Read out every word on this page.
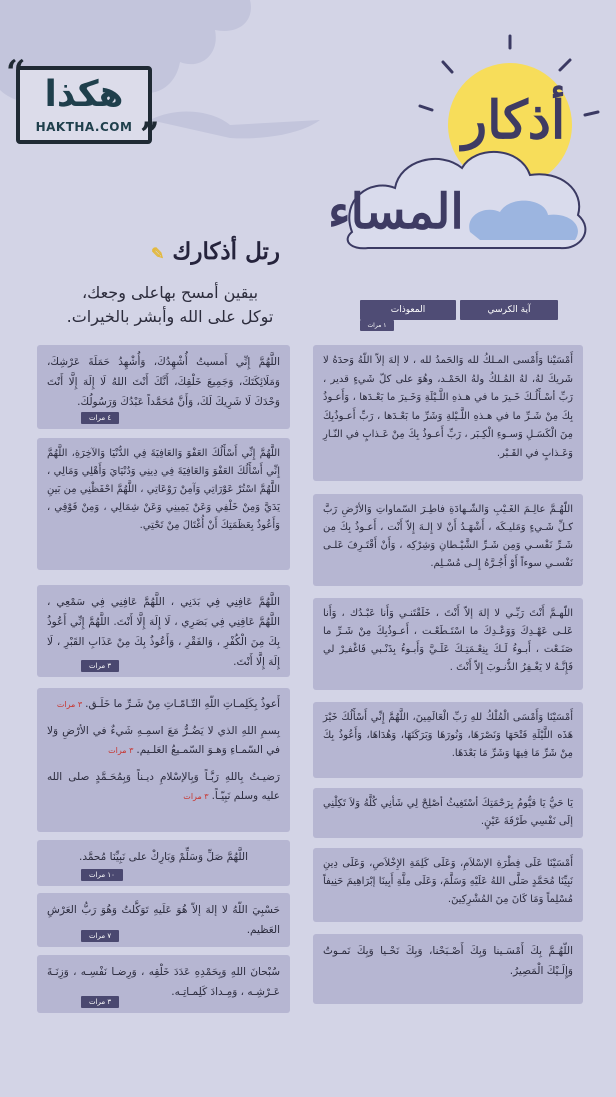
هكذا
HAKTHA.COM
“
”	أذكار
المساء
رتل أذكارك ✎
بيقين أمسح بهاعلى وجعك،
توكل على الله وأبشر بالخيرات.	آية الكرسي
المعوذات
١ مرات
اللَّهُمَّ إِنِّي أَمسيتُ أُشْهِدُكَ، وَأُشْهِدُ حَمَلَةَ عَرْشِكَ، وَمَلَائِكَتَكَ، وَجَمِيعَ خَلْقِكَ، أَنَّكَ أَنْتَ اللهُ لَا إِلَهَ إِلَّا أَنْتَ وَحْدَكَ لَا شَرِيكَ لَكَ، وَأَنَّ مُحَمَّداً عَبْدُكَ وَرَسُولُكَ.
٤ مرات
اللَّهُمَّ إِنِّي أَسْأَلُكَ العَفْوَ وَالعَافِيَةَ فِي الدُّنْيَا وَالآخِرَةِ، اللَّهُمَّ إِنِّي أَسْأَلُكَ العَفْوَ وَالعَافِيَةَ فِي دِينِي وَدُنْيَايَ وَأَهْلِي وَمَالِي ، اللَّهُمَّ اسْتُرْ عَوْرَاتِي وَآمِنْ رَوْعَاتِي ، اللَّهُمَّ احْفَظْنِي مِن بَينِ يَدَيَّ وَمِنْ خَلْفِي وَعَنْ يَمِينِي وَعَنْ شِمَالِي ، وَمِنْ فَوْقِي ، وَأَعُوذُ بِعَظَمَتِكَ أَنْ أُغْتَالَ مِنْ تَحْتِي.
اللَّهُمَّ عَافِنِي فِي بَدَنِي ، اللَّهُمَّ عَافِنِي فِي سَمْعِي ، اللَّهُمَّ عَافِنِي فِي بَصَرِي ، لَا إِلَهَ إِلَّا أَنْتَ. اللَّهُمَّ إِنِّي أَعُوذُ بِكَ مِنَ الْكُفْرِ ، وَالفَقْرِ ، وَأَعُوذُ بِكَ مِنْ عَذَابِ القَبْرِ ، لَا إِلَهَ إِلَّا أَنْتَ.
٣ مرات
أَعوذُ بِكَلِمـاتِ اللّهِ التّـامّـاتِ مِنْ شَـرِّ ما خَلَـق.٣ مرات
بِسمِ اللهِ الذي لا يَضُـرُّ مَعَ اسمِـهِ شَيءٌ في الأرْضِ وَلا في السّمـاءِ وَهـوَ السّمـيعُ العَلـيم.٣ مرات
رَضيـتُ بِاللهِ رَبَّـاً وَبِالإسْلامِ ديـناً وَبِمُحَـمَّدٍ صلى الله عليه وسلم نَبِيّـاً.٣ مرات
اللَّهُمَّ صَلِّ وَسَلِّمْ وَبَارِكْ على نَبِيِّنَا مُحمَّد.
١٠ مرات
حَسْبِيَ اللّهُ لا إلهَ إلاّ هُوَ عَلَيهِ تَوَكَّلتُ وَهُوَ رَبُّ العَرْشِ العَظيم.
٧ مرات
سُبْحانَ اللهِ وَبِحَمْدِهِ عَدَدَ خَلْقِه ، وَرِضـا نَفْسِـه ، وَزِنَـةَ عَـرْشِـه ، وَمِـدادَ كَلِمـاتِـه.
٣ مرات
أَمْسَيْنا وَأَمْسى المـلكُ لله وَالحَمدُ لله ، لا إلهَ إلاّ اللّهُ وَحدَهُ لا شَريكَ لهُ، لهُ المُـلكُ ولهُ الحَمْـد، وهُوَ على كلّ شَيءٍ قدير ، رَبِّ أسْـأَلُـكَ خَـيرَ ما في هـذهِ اللَّـيْلَةِ وَخَـيرَ ما بَعْـدَها ، وَأَعـوذُ بِكَ مِنْ شَـرِّ ما في هـذهِ اللَّـيْلةِ وَشَرِّ ما بَعْـدَها ، رَبِّ أَعـوذُبِكَ مِنَ الْكَسَـلِ وَسـوءِ الْكِـبَر ، رَبِّ أَعـوذُ بِكَ مِنْ عَـذابٍ في النّـارِ وَعَـذابٍ في القَـبْر.
اللّهُـمَّ عالِـمَ الغَـيْبِ وَالشّـهادَةِ فاطِـرَ السّماواتِ وَالأرْضِ رَبَّ كـلِّ شَـيءٍ وَمَليـكَه ، أَشْهَـدُ أَنْ لا إِلـهَ إِلاّ أَنْت ، أَعـوذُ بِكَ مِن شَـرِّ نَفْسـي وَمِن شَـرِّ الشَّيْـطانِ وَشِرْكِه ، وَأَنْ أَقْتَـرِفَ عَلـى نَفْسـي سوءاً أَوْ أَجُـرَّهُ إِلـى مُسْـلِم.
اللّهـمَّ أَنْتَ رَبِّـي لا إلهَ إلاّ أَنْتَ ، خَلَقْتَنـي وَأَنا عَبْـدُك ، وَأَنا عَلـى عَهْـدِكَ وَوَعْـدِكَ ما اسْتَـطَعْـت ، أَعـوذُبِكَ مِنْ شَـرِّ ما صَنَـعْت ، أَبـوءُ لَـكَ بِنِعْـمَتِـكَ عَلَـيَّ وَأَبـوءُ بِذَنْـبي فَاغْفـِرْ لي فَإِنَّـهُ لا يَغْـفِرُ الذُّنـوبَ إِلاّ أَنْتَ .
أَمْسَيْنَا وَأَمْسَى الْمُلْكُ للهِ رَبِّ الْعَالَمِينَ، اللَّهُمَّ إِنِّي أَسْأَلُكَ خَيْرَ هَذَه اللَّيْلَةِ فَتْحَهَا وَنَصْرَهَا، وَنُورَهَا وَبَرَكَتَهَا، وَهُدَاهَا، وَأَعُوذُ بِكَ مِنْ شَرِّ مَا فِيهَا وَشَرِّ مَا بَعْدَهَا.
يَا حَيُّ يَا قيُّومُ بِرَحْمَتِكَ أسْتَغِيثُ أصْلِحْ لِي شَأنِي كُلَّهُ وَلاَ تَكِلْنِي إلَى نَفْسِي طَرْفَةَ عَيْنٍ.
أَمْسَيْنَا عَلَى فِطْرَةِ الإسْلاَمِ، وَعَلَى كَلِمَةِ الإِخْلاَصِ، وَعَلَى دِينِ نَبِيِّنَا مُحَمَّدٍ صَلَّى اللهُ عَلَيْهِ وَسَلَّمَ، وَعَلَى مِلَّةِ أَبِينَا إبْرَاهِيمَ حَنِيفاً مُسْلِماً وَمَا كَانَ مِنَ المُشْرِكِينَ.
اللّهُـمَّ بِكَ أَمْسَـينا وَبِكَ أَصْـبَحْنا، وَبِكَ نَحْـيا وَبِكَ نَمـوتُ وَإِلَـيْكَ الْمَصِيرُ.
